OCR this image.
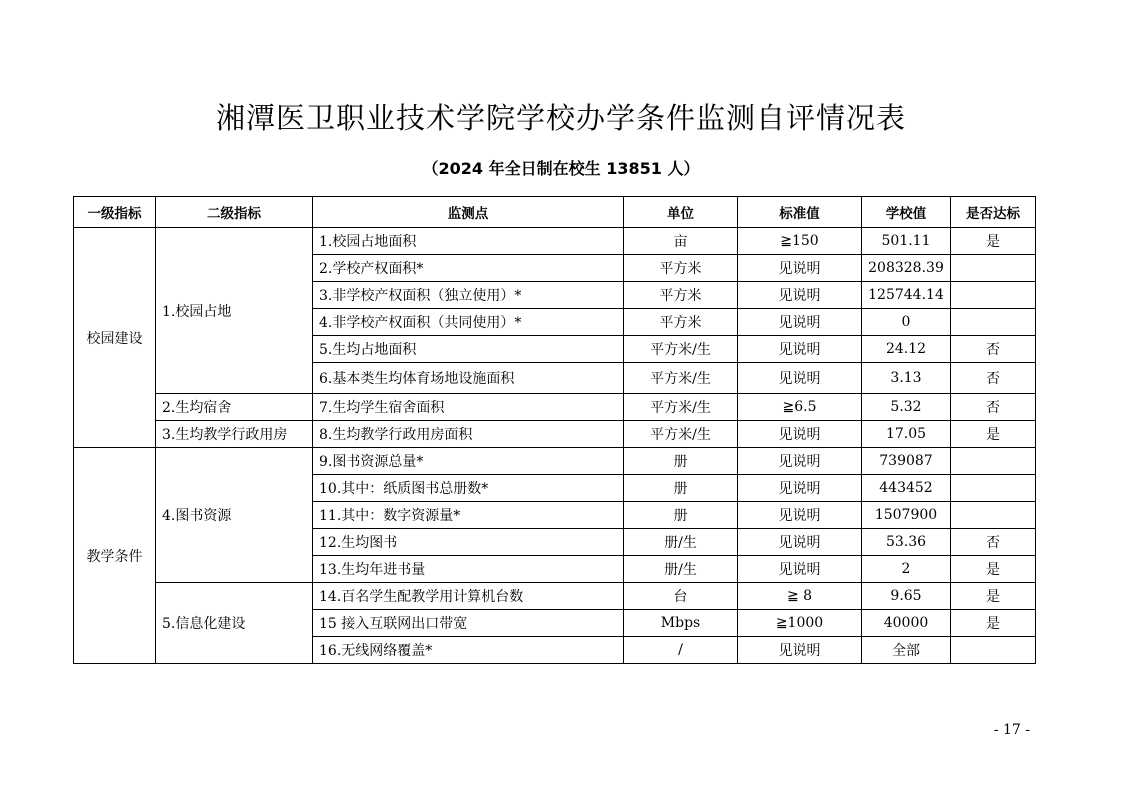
湘潭医卫职业技术学院学校办学条件监测自评情况表
（2024 年全日制在校生 13851 人）
一级指标	二级指标	监测点	单位	标准值	学校值	是否达标
校园建设	1.校园占地	1.校园占地面积	亩	≧150	501.11	是
		2.学校产权面积*	平方米	见说明	208328.39	
		3.非学校产权面积（独立使用）*	平方米	见说明	125744.14	
		4.非学校产权面积（共同使用）*	平方米	见说明	0	
		5.生均占地面积	平方米/生	见说明	24.12	否
		6.基本类生均体育场地设施面积	平方米/生	见说明	3.13	否
	2.生均宿舍	7.生均学生宿舍面积	平方米/生	≧6.5	5.32	否
	3.生均教学行政用房	8.生均教学行政用房面积	平方米/生	见说明	17.05	是
教学条件	4.图书资源	9.图书资源总量*	册	见说明	739087	
		10.其中：纸质图书总册数*	册	见说明	443452	
		11.其中：数字资源量*	册	见说明	1507900	
		12.生均图书	册/生	见说明	53.36	否
		13.生均年进书量	册/生	见说明	2	是
	5.信息化建设	14.百名学生配教学用计算机台数	台	≧ 8	9.65	是
		15 接入互联网出口带宽	Mbps	≧1000	40000	是
		16.无线网络覆盖*	/	见说明	全部	
- 17 -
